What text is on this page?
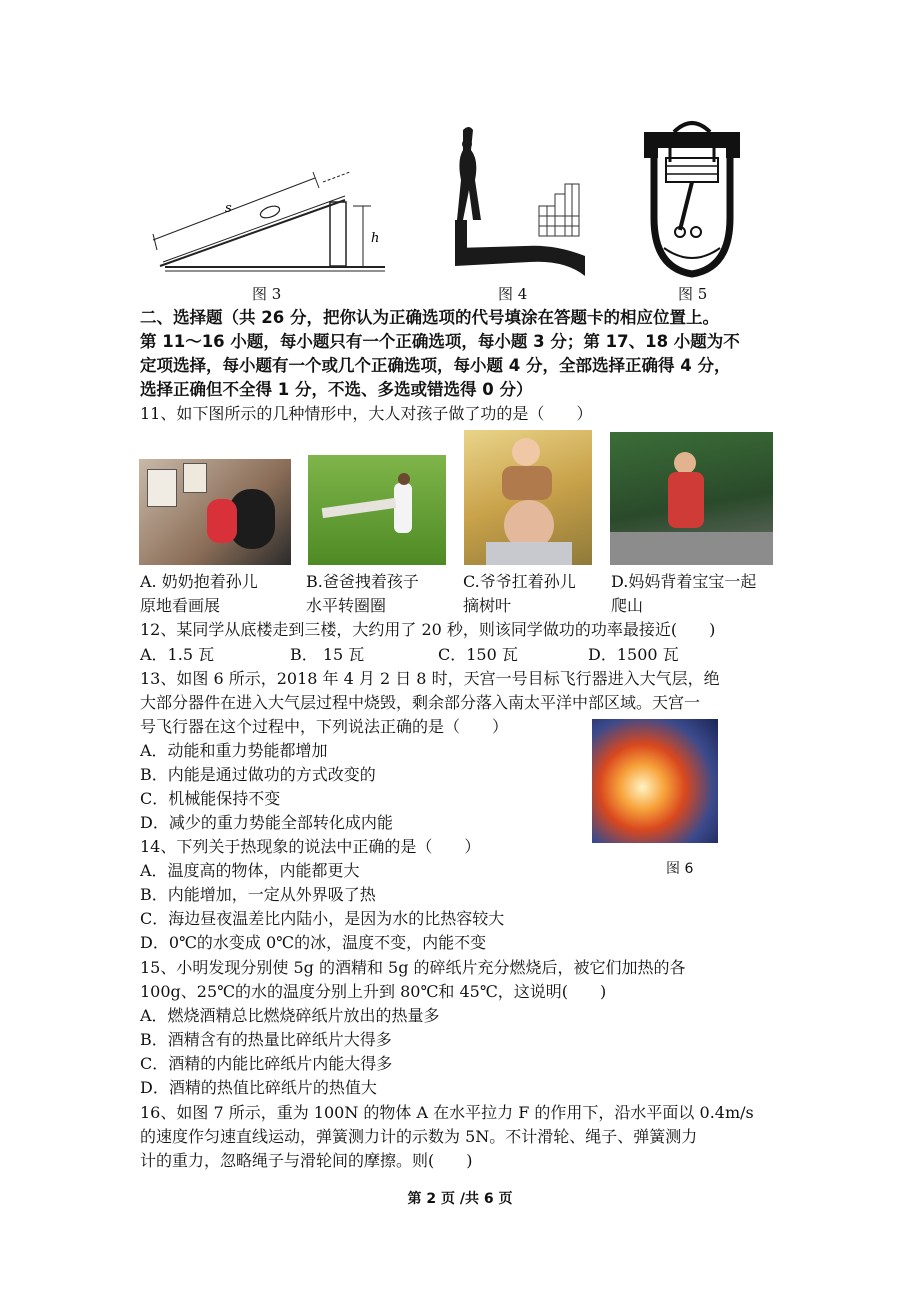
s
h
图 3	图 4	图 5
二、选择题（共 26 分，把你认为正确选项的代号填涂在答题卡的相应位置上。
第 11～16 小题，每小题只有一个正确选项，每小题 3 分；第 17、18 小题为不
定项选择，每小题有一个或几个正确选项，每小题 4 分，全部选择正确得 4 分，
选择正确但不全得 1 分，不选、多选或错选得 0 分）
11、如下图所示的几种情形中，大人对孩子做了功的是（　　）
A. 奶奶抱着孙儿
原地看画展
B.爸爸拽着孩子
水平转圈圈
C.爷爷扛着孙儿
摘树叶
D.妈妈背着宝宝一起
爬山
12、某同学从底楼走到三楼，大约用了 20 秒，则该同学做功的功率最接近(　　)
A．1.5 瓦	B． 15 瓦	C．150 瓦	D．1500 瓦
13、如图 6 所示，2018 年 4 月 2 日 8 时，天宫一号目标飞行器进入大气层，绝
大部分器件在进入大气层过程中烧毁，剩余部分落入南太平洋中部区域。天宫一
号飞行器在这个过程中，下列说法正确的是（　　）
A．动能和重力势能都增加
B．内能是通过做功的方式改变的
C．机械能保持不变
D．减少的重力势能全部转化成内能
图 6
14、下列关于热现象的说法中正确的是（　　）
A．温度高的物体，内能都更大
B．内能增加，一定从外界吸了热
C．海边昼夜温差比内陆小，是因为水的比热容较大
D．0℃的水变成 0℃的冰，温度不变，内能不变
15、小明发现分别使 5g 的酒精和 5g 的碎纸片充分燃烧后，被它们加热的各
100g、25℃的水的温度分别上升到 80℃和 45℃，这说明(　　)
A．燃烧酒精总比燃烧碎纸片放出的热量多
B．酒精含有的热量比碎纸片大得多
C．酒精的内能比碎纸片内能大得多
D．酒精的热值比碎纸片的热值大
16、如图 7 所示，重为 100N 的物体 A 在水平拉力 F 的作用下，沿水平面以 0.4m/s
的速度作匀速直线运动，弹簧测力计的示数为 5N。不计滑轮、绳子、弹簧测力
计的重力，忽略绳子与滑轮间的摩擦。则(　　)
第 2 页 /共 6 页
